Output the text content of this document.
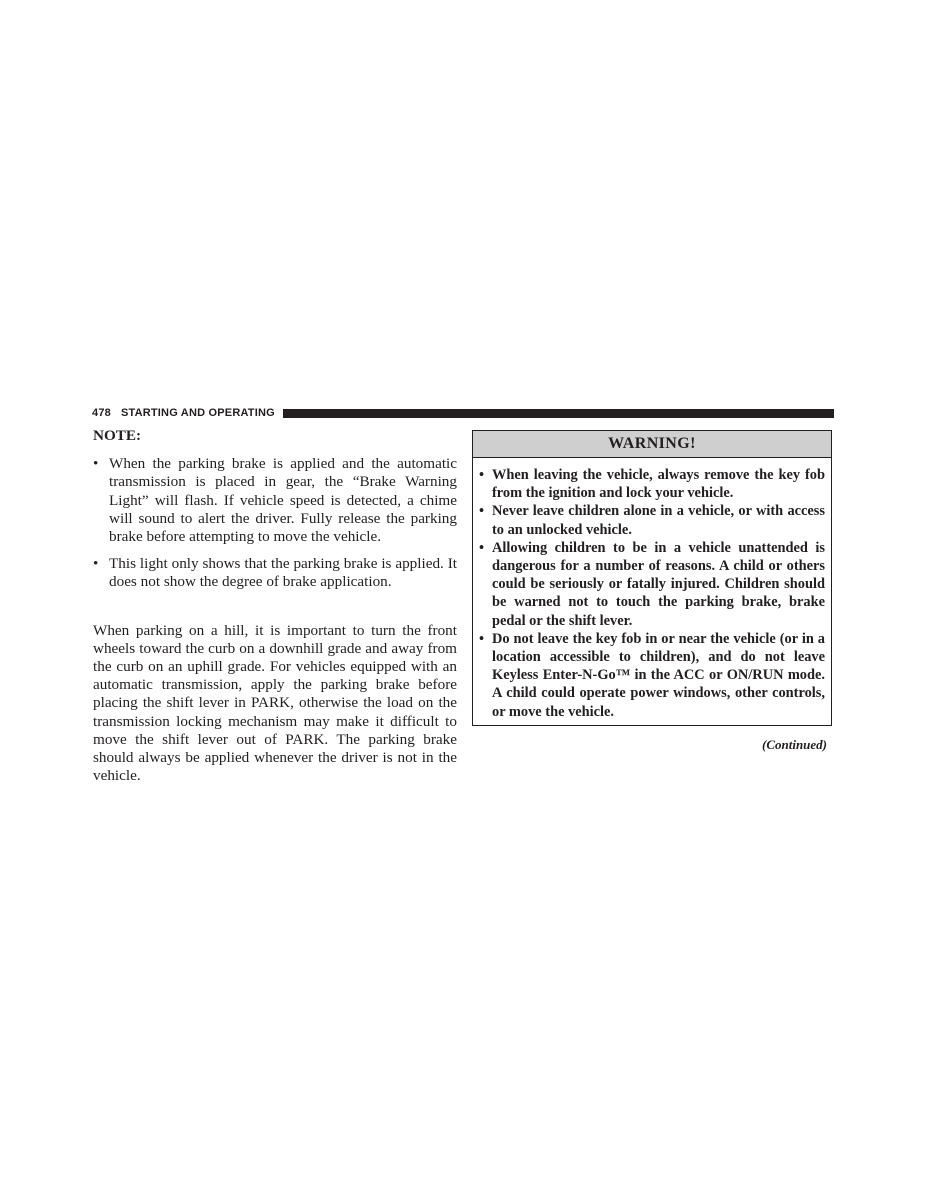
478 STARTING AND OPERATING

NOTE:

• When the parking brake is applied and the automatic transmission is placed in gear, the “Brake Warning Light” will flash. If vehicle speed is detected, a chime will sound to alert the driver. Fully release the parking brake before attempting to move the vehicle.
• This light only shows that the parking brake is applied. It does not show the degree of brake application.

When parking on a hill, it is important to turn the front wheels toward the curb on a downhill grade and away from the curb on an uphill grade. For vehicles equipped with an automatic transmission, apply the parking brake before placing the shift lever in PARK, otherwise the load on the transmission locking mechanism may make it difficult to move the shift lever out of PARK. The parking brake should always be applied whenever the driver is not in the vehicle.

WARNING!
• When leaving the vehicle, always remove the key fob from the ignition and lock your vehicle.
• Never leave children alone in a vehicle, or with access to an unlocked vehicle.
• Allowing children to be in a vehicle unattended is dangerous for a number of reasons. A child or others could be seriously or fatally injured. Children should be warned not to touch the parking brake, brake pedal or the shift lever.
• Do not leave the key fob in or near the vehicle (or in a location accessible to children), and do not leave Keyless Enter-N-Go™ in the ACC or ON/RUN mode. A child could operate power windows, other controls, or move the vehicle.
(Continued)
